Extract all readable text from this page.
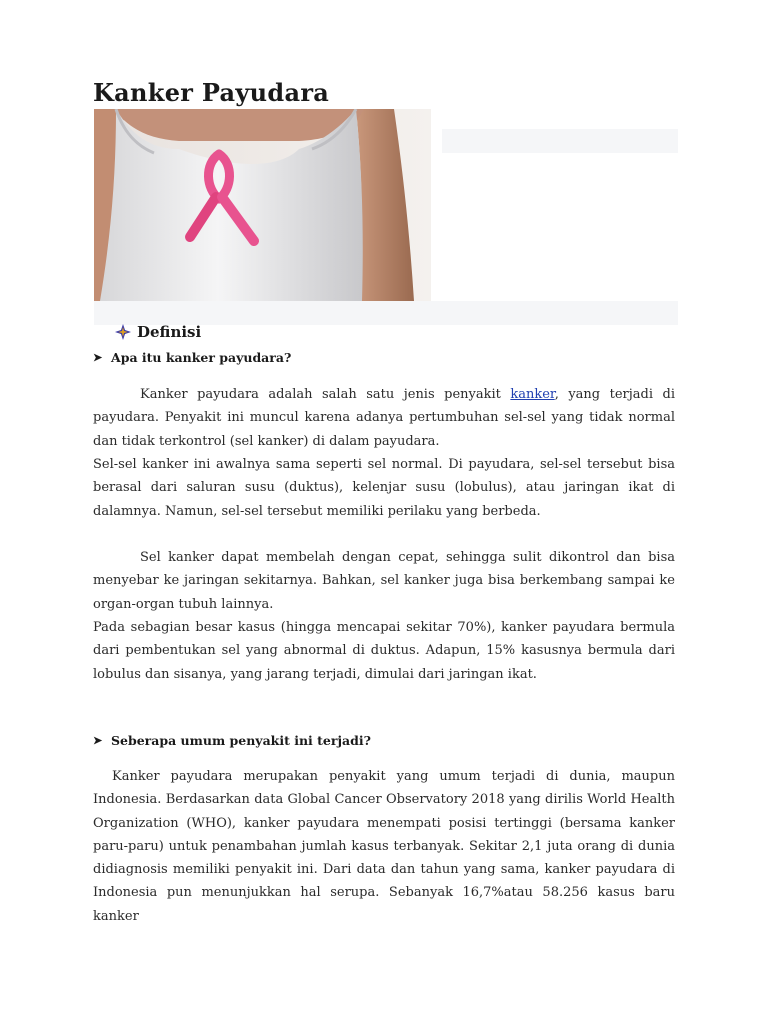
Kanker Payudara
Definisi
➤ Apa itu kanker payudara?

Kanker payudara adalah salah satu jenis penyakit kanker, yang terjadi di payudara. Penyakit ini muncul karena adanya pertumbuhan sel-sel yang tidak normal dan tidak terkontrol (sel kanker) di dalam payudara.

Sel-sel kanker ini awalnya sama seperti sel normal. Di payudara, sel-sel tersebut bisa berasal dari saluran susu (duktus), kelenjar susu (lobulus), atau jaringan ikat di dalamnya. Namun, sel-sel tersebut memiliki perilaku yang berbeda.

Sel kanker dapat membelah dengan cepat, sehingga sulit dikontrol dan bisa menyebar ke jaringan sekitarnya. Bahkan, sel kanker juga bisa berkembang sampai ke organ-organ tubuh lainnya.

Pada sebagian besar kasus (hingga mencapai sekitar 70%), kanker payudara bermula dari pembentukan sel yang abnormal di duktus. Adapun, 15% kasusnya bermula dari lobulus dan sisanya, yang jarang terjadi, dimulai dari jaringan ikat.

➤ Seberapa umum penyakit ini terjadi?

Kanker payudara merupakan penyakit yang umum terjadi di dunia, maupun Indonesia. Berdasarkan data Global Cancer Observatory 2018 yang dirilis World Health Organization (WHO), kanker payudara menempati posisi tertinggi (bersama kanker paru-paru) untuk penambahan jumlah kasus terbanyak. Sekitar 2,1 juta orang di dunia didiagnosis memiliki penyakit ini. Dari data dan tahun yang sama, kanker payudara di Indonesia pun menunjukkan hal serupa. Sebanyak 16,7%atau 58.256 kasus baru kanker
